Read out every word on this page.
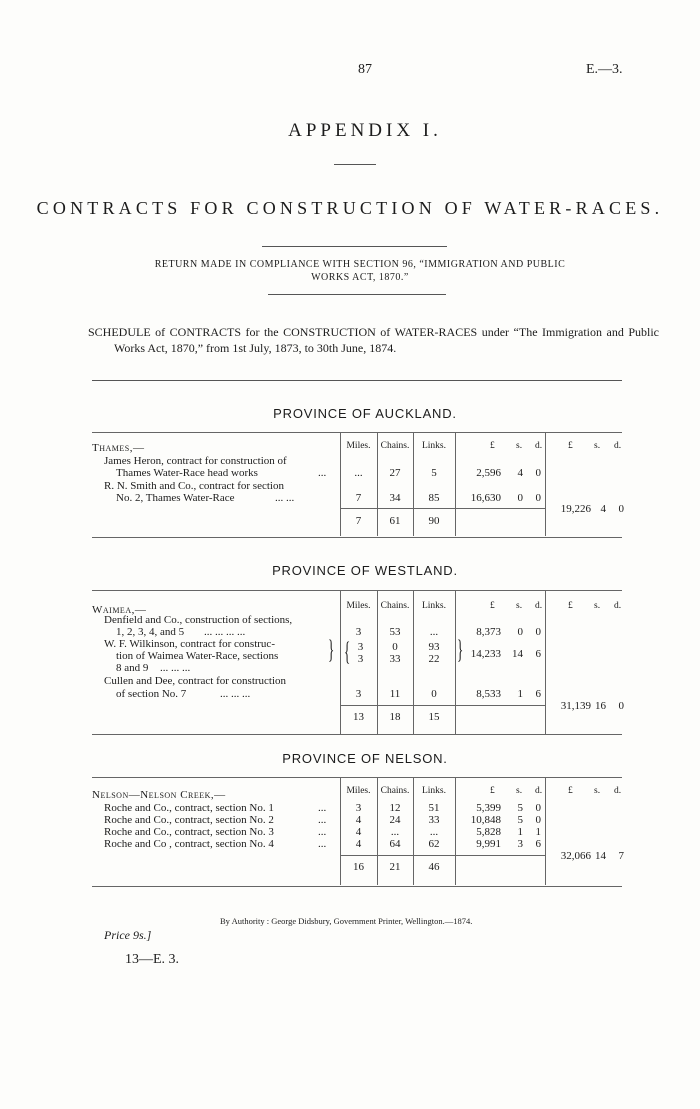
87	E.—3.
APPENDIX I.
CONTRACTS FOR CONSTRUCTION OF WATER-RACES.
RETURN MADE IN COMPLIANCE WITH SECTION 96, “IMMIGRATION AND PUBLIC
WORKS ACT, 1870.”
SCHEDULE of CONTRACTS for the CONSTRUCTION of WATER-RACES under “The Immigration and Public Works Act, 1870,” from 1st July, 1873, to 30th June, 1874.
PROVINCE OF AUCKLAND.
Miles.	Chains.	Links.	£ s. d.	£ s. d.
Thames,—
James Heron, contract for construction of
Thames Water-Race head works	...	...	27	5	2,596	4	0
R. N. Smith and Co., contract for section
No. 2, Thames Water-Race	... ...	7	34	85	16,630	0	0
7	61	90
19,226 4	0
PROVINCE OF WESTLAND.
Miles.	Chains.	Links.	£ s. d.	£ s. d.
Waimea,—
Denfield and Co., construction of sections,
1, 2, 3, 4, and 5 ... ... ... ...	3	53	...	8,373	0	0
W. F. Wilkinson, contract for construc-
tion of Waimea Water-Race, sections
8 and 9 ... ... ...
} { 3	0	93
3	33	22 } 14,233	14	6
Cullen and Dee, contract for construction
of section No. 7	... ... ...	3	11	0	8,533	1	6
13	18	15
31,139 16	0
PROVINCE OF NELSON.
Miles.	Chains.	Links.	£ s. d.	£ s. d.
Nelson—Nelson Creek,—
Roche and Co., contract, section No. 1	...	3	12	51	5,399	5	0
Roche and Co., contract, section No. 2	...	4	24	33	10,848	5	0
Roche and Co., contract, section No. 3	...	4	...	...	5,828	1	1
Roche and Co , contract, section No. 4	...	4	64	62	9,991	3	6
16	21	46
32,066 14	7
By Authority : George Didsbury, Government Printer, Wellington.—1874.
Price 9s.]
13—E. 3.
